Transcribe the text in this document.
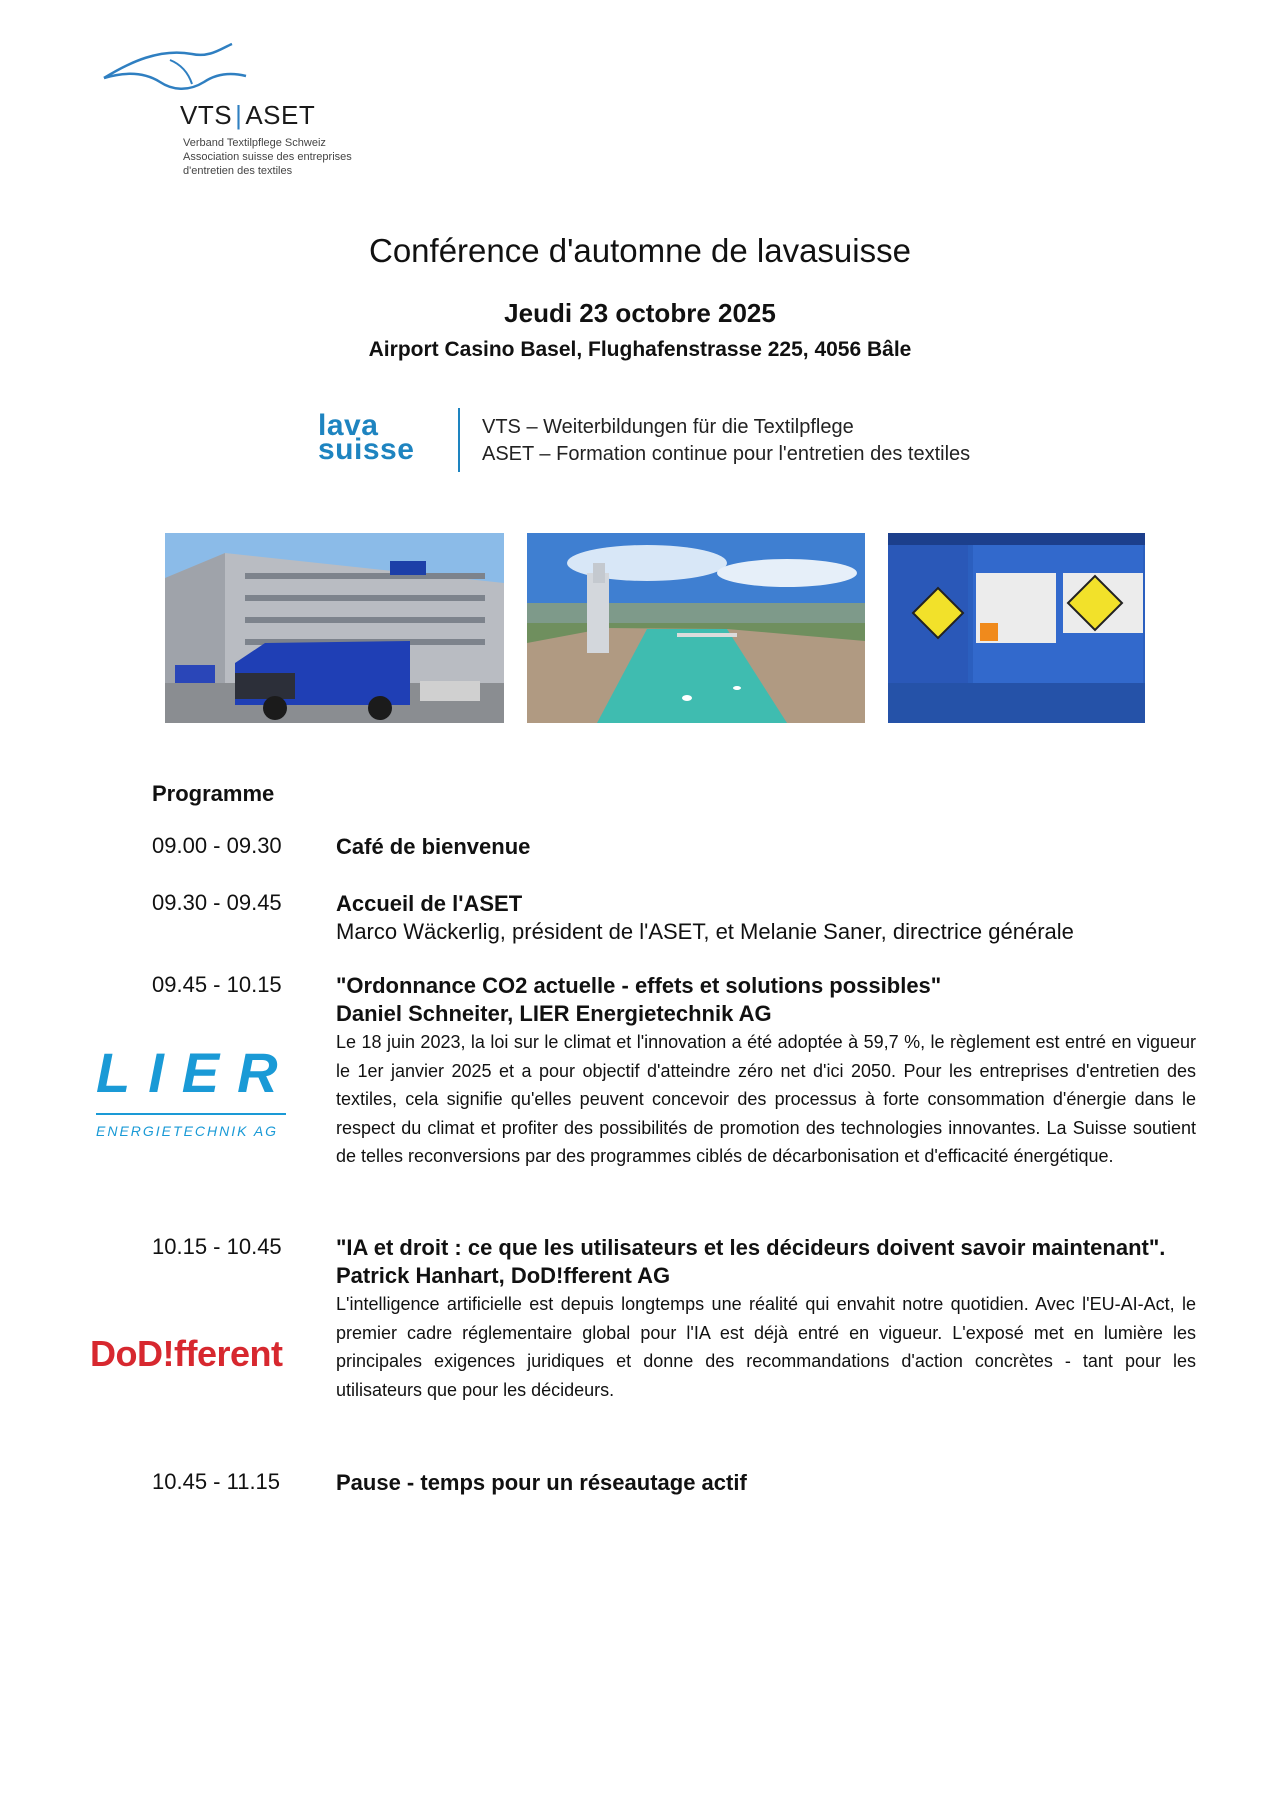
VTS | ASET
Verband Textilpflege Schweiz
Association suisse des entreprises
d'entretien des textiles
Conférence d'automne de lavasuisse
Jeudi 23 octobre 2025
Airport Casino Basel, Flughafenstrasse 225, 4056 Bâle
lava
suisse
VTS – Weiterbildungen für die Textilpflege
ASET – Formation continue pour l'entretien des textiles
Programme
09.00 - 09.30 Café de bienvenue
09.30 - 09.45 Accueil de l'ASET
Marco Wäckerlig, président de l'ASET, et Melanie Saner, directrice générale
09.45 - 10.15 "Ordonnance CO2 actuelle - effets et solutions possibles"
Daniel Schneiter, LIER Energietechnik AG
Le 18 juin 2023, la loi sur le climat et l'innovation a été adoptée à 59,7 %, le règlement est entré en vigueur le 1er janvier 2025 et a pour objectif d'atteindre zéro net d'ici 2050. Pour les entreprises d'entretien des textiles, cela signifie qu'elles peuvent concevoir des processus à forte consommation d'énergie dans le respect du climat et profiter des possibilités de promotion des technologies innovantes. La Suisse soutient de telles reconversions par des programmes ciblés de décarbonisation et d'efficacité énergétique.
LIER
ENERGIETECHNIK AG
10.15 - 10.45 "IA et droit : ce que les utilisateurs et les décideurs doivent savoir maintenant".
Patrick Hanhart, DoD!fferent AG
L'intelligence artificielle est depuis longtemps une réalité qui envahit notre quotidien. Avec l'EU-AI-Act, le premier cadre réglementaire global pour l'IA est déjà entré en vigueur. L'exposé met en lumière les principales exigences juridiques et donne des recommandations d'action concrètes - tant pour les utilisateurs que pour les décideurs.
DoD!fferent
10.45 - 11.15	Pause - temps pour un réseautage actif
